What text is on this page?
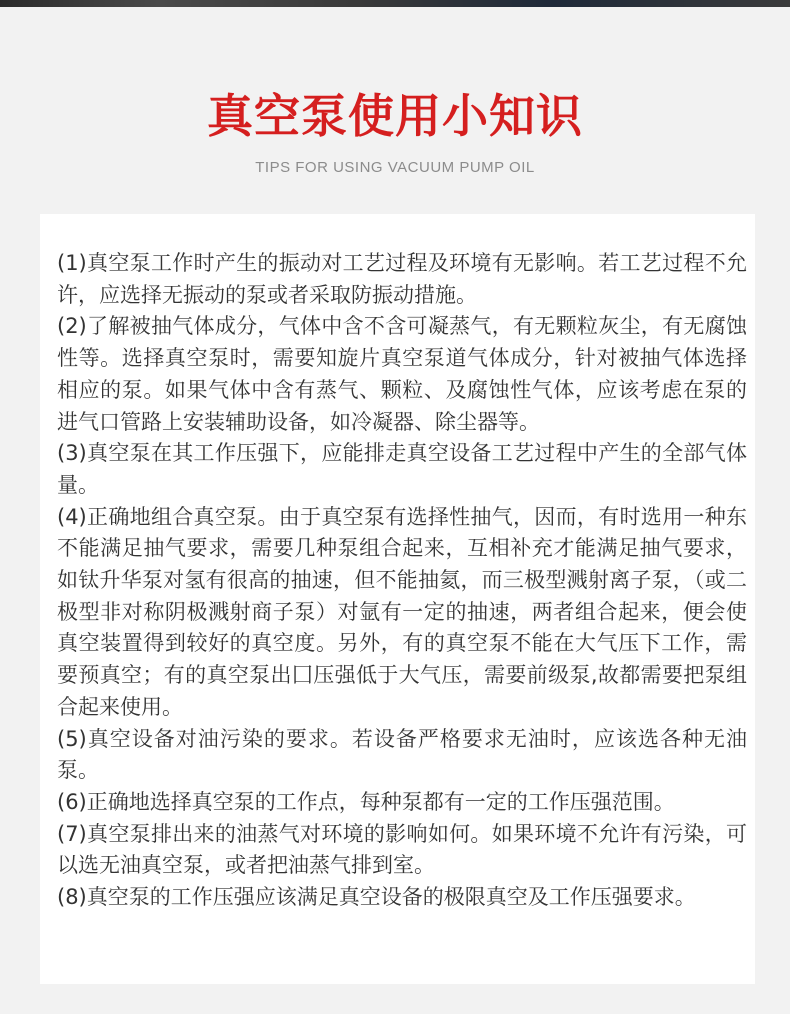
真空泵使用小知识
TIPS FOR USING VACUUM PUMP OIL

(1)真空泵工作时产生的振动对工艺过程及环境有无影响。若工艺过程不允许，应选择无振动的泵或者采取防振动措施。

(2)了解被抽气体成分，气体中含不含可凝蒸气，有无颗粒灰尘，有无腐蚀性等。选择真空泵时，需要知旋片真空泵道气体成分，针对被抽气体选择相应的泵。如果气体中含有蒸气、颗粒、及腐蚀性气体，应该考虑在泵的进气口管路上安装辅助设备，如冷凝器、除尘器等。

(3)真空泵在其工作压强下，应能排走真空设备工艺过程中产生的全部气体量。

(4)正确地组合真空泵。由于真空泵有选择性抽气，因而，有时选用一种东不能满足抽气要求，需要几种泵组合起来，互相补充才能满足抽气要求，如钛升华泵对氢有很高的抽速，但不能抽氦，而三极型溅射离子泵，（或二极型非对称阴极溅射商子泵）对氩有一定的抽速，两者组合起来，便会使真空装置得到较好的真空度。另外，有的真空泵不能在大气压下工作，需要预真空；有的真空泵出囗压强低于大气压，需要前级泵,故都需要把泵组合起来使用。

(5)真空设备对油污染的要求。若设备严格要求无油时，应该选各种无油泵。

(6)正确地选择真空泵的工作点，每种泵都有一定的工作压强范围。

(7)真空泵排出来的油蒸气对环境的影响如何。如果环境不允许有污染，可以选无油真空泵，或者把油蒸气排到室。

(8)真空泵的工作压强应该满足真空设备的极限真空及工作压强要求。
